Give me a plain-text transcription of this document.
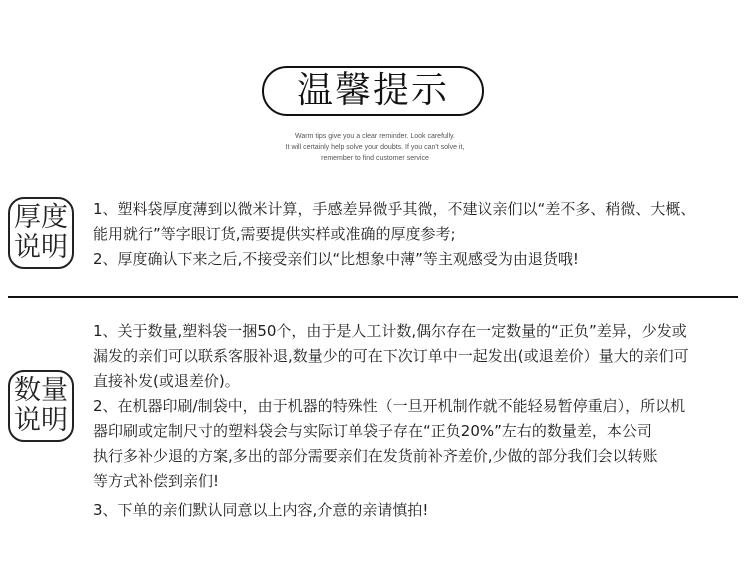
温馨提示
Warm tips give you a clear reminder. Look carefully.
It will certainly help solve your doubts. If you can't solve it,
remember to find customer service
厚度
说明

1、塑料袋厚度薄到以微米计算，手感差异微乎其微，不建议亲们以“差不多、稍微、大概、
能用就行”等字眼订货,需要提供实样或准确的厚度参考;

2、厚度确认下来之后,不接受亲们以“比想象中薄”等主观感受为由退货哦!

数量
说明

1、关于数量,塑料袋一捆50个，由于是人工计数,偶尔存在一定数量的“正负”差异，少发或
漏发的亲们可以联系客服补退,数量少的可在下次订单中一起发出(或退差价）量大的亲们可
直接补发(或退差价)。

2、在机器印刷/制袋中，由于机器的特殊性（一旦开机制作就不能轻易暂停重启），所以机
器印刷或定制尺寸的塑料袋会与实际订单袋子存在“正负20%”左右的数量差，本公司
执行多补少退的方案,多出的部分需要亲们在发货前补齐差价,少做的部分我们会以转账
等方式补偿到亲们!

3、下单的亲们默认同意以上内容,介意的亲请慎拍!
